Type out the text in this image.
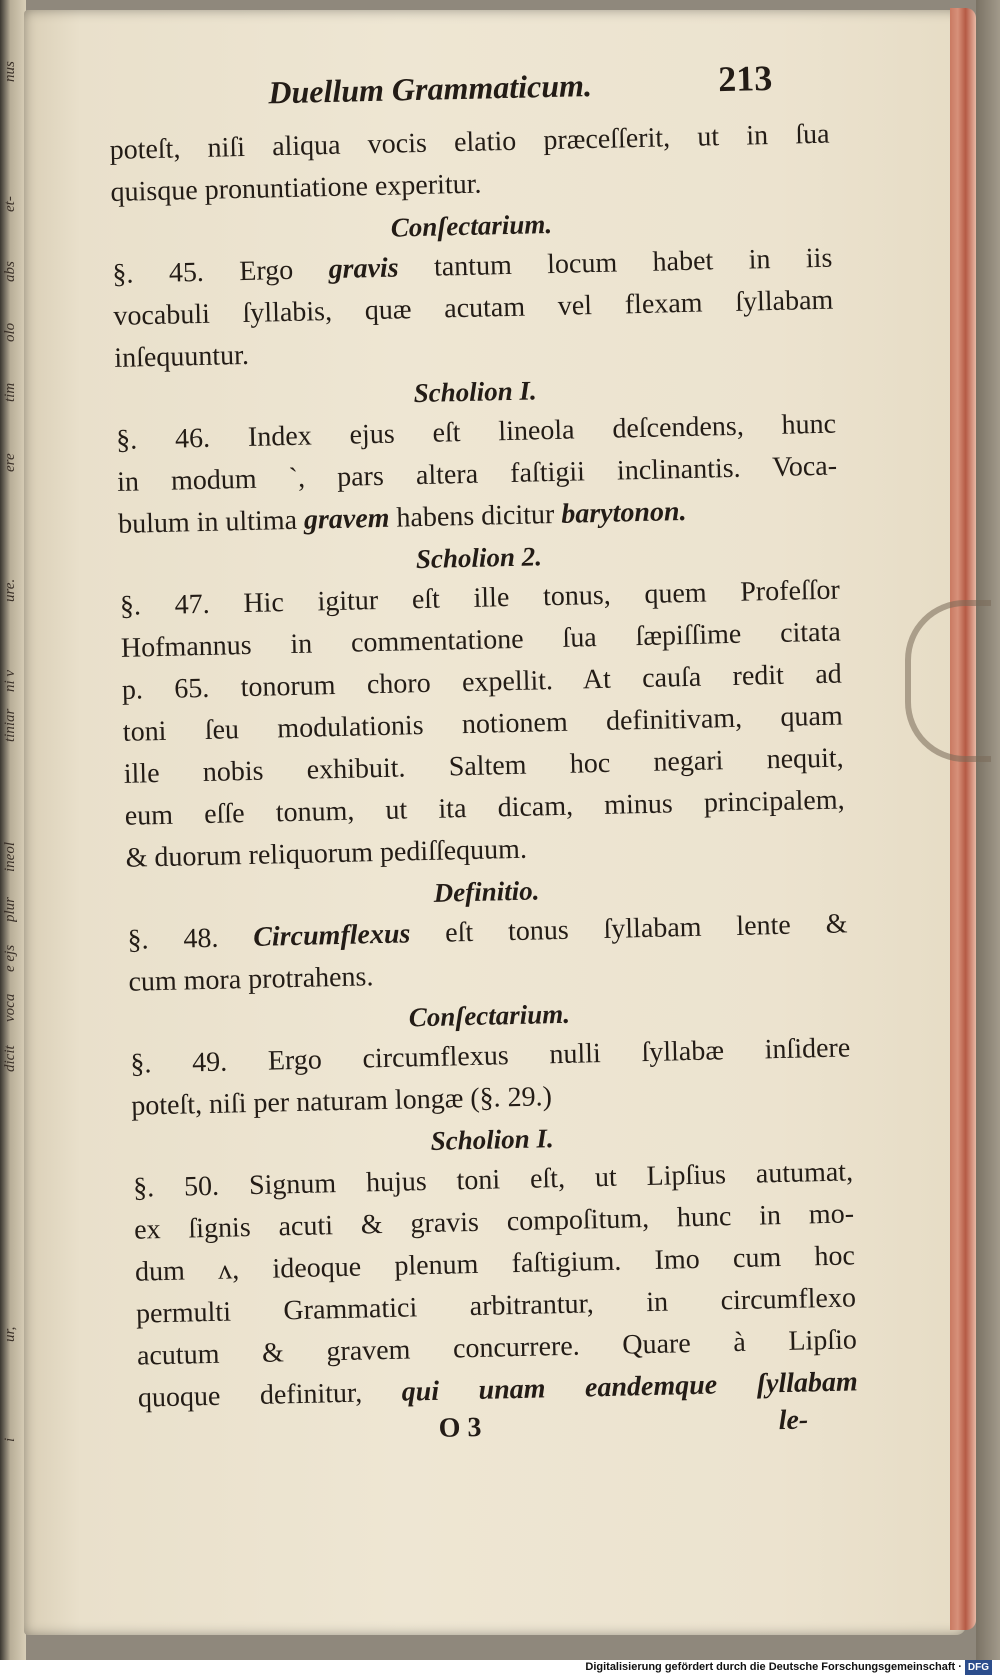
nus
et-
abs
olo
tim
ere
ure.
ni v
tiniar
ineol
plur
e ejs
voca
dicit
ur,
i
Duellum Grammaticum.	213
poteſt, niſi aliqua vocis elatio præceſſerit, ut in ſua
quisque pronuntiatione experitur.
Conſectarium.
§. 45. Ergo gravis tantum locum habet in iis
vocabuli ſyllabis, quæ acutam vel flexam ſyllabam
inſequuntur.
Scholion I.
§. 46. Index ejus eſt lineola deſcendens, hunc
in modum `, pars altera faſtigii inclinantis. Voca-
bulum in ultima gravem habens dicitur barytonon.
Scholion 2.
§. 47. Hic igitur eſt ille tonus, quem Profeſſor
Hofmannus in commentatione ſua ſæpiſſime citata
p. 65. tonorum choro expellit. At cauſa redit ad
toni ſeu modulationis notionem definitivam, quam
ille nobis exhibuit. Saltem hoc negari nequit,
eum eſſe tonum, ut ita dicam, minus principalem,
& duorum reliquorum pediſſequum.
Definitio.
§. 48. Circumflexus eſt tonus ſyllabam lente &
cum mora protrahens.
Conſectarium.
§. 49. Ergo circumflexus nulli ſyllabæ inſidere
poteſt, niſi per naturam longæ (§. 29.)
Scholion I.
§. 50. Signum hujus toni eſt, ut Lipſius autumat,
ex ſignis acuti & gravis compoſitum, hunc in mo-
dum ʌ, ideoque plenum faſtigium. Imo cum hoc
permulti Grammatici arbitrantur, in circumflexo
acutum & gravem concurrere. Quare à Lipſio
quoque definitur, qui unam eandemque ſyllabam
O 3	le-
Digitalisierung gefördert durch die Deutsche Forschungsgemeinschaft · DFG
